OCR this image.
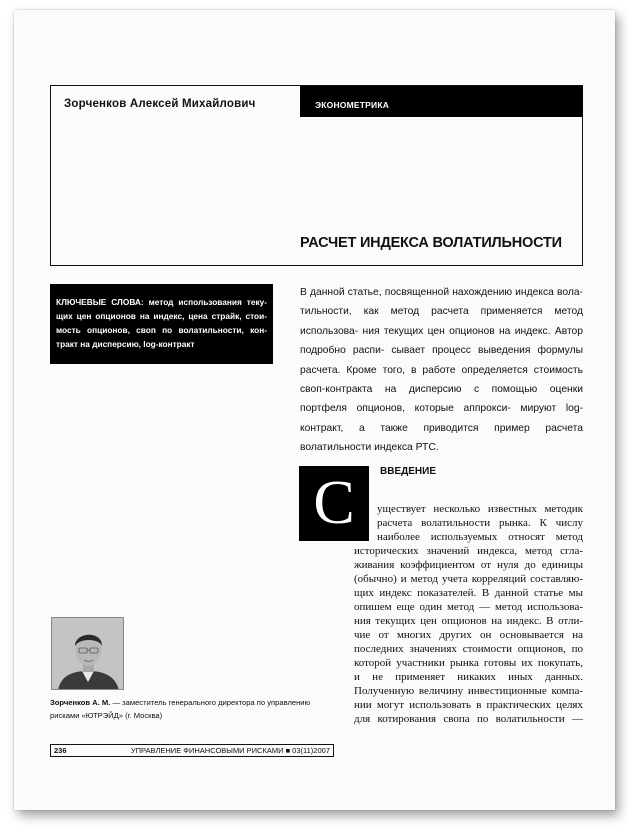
Зорченков Алексей Михайлович	ЭКОНОМЕТРИКА
РАСЧЕТ ИНДЕКСА ВОЛАТИЛЬНОСТИ
КЛЮЧЕВЫЕ СЛОВА: метод использования теку- щих цен опционов на индекс, цена страйк, стои- мость опционов, своп по волатильности, кон- тракт на дисперсию, log-контракт
В данной статье, посвященной нахождению индекса вола- тильности, как метод расчета применяется метод использова- ния текущих цен опционов на индекс. Автор подробно распи- сывает процесс выведения формулы расчета. Кроме того, в работе определяется стоимость своп-контракта на дисперсию с помощью оценки портфеля опционов, которые аппрокси- мируют log-контракт, а также приводится пример расчета волатильности индекса РТС.
С	ВВЕДЕНИЕ
уществует несколько известных методик
расчета волатильности рынка. К числу
наиболее используемых относят метод
исторических значений индекса, метод сгла-
живания коэффициентом от нуля до единицы
(обычно) и метод учета корреляций составляю-
щих индекс показателей. В данной статье мы
опишем еще один метод — метод использова-
ния текущих цен опционов на индекс. В отли-
чие от многих других он основывается на
последних значениях стоимости опционов, по
которой участники рынка готовы их покупать,
и не применяет никаких иных данных.
Полученную величину инвестиционные компа-
нии могут использовать в практических целях
для котирования свопа по волатильности —
Зорченков А. М. — заместитель генерального директора по управлению рисками «ЮТРЭЙД» (г. Москва)
236	УПРАВЛЕНИЕ ФИНАНСОВЫМИ РИСКАМИ ■ 03(11)2007
